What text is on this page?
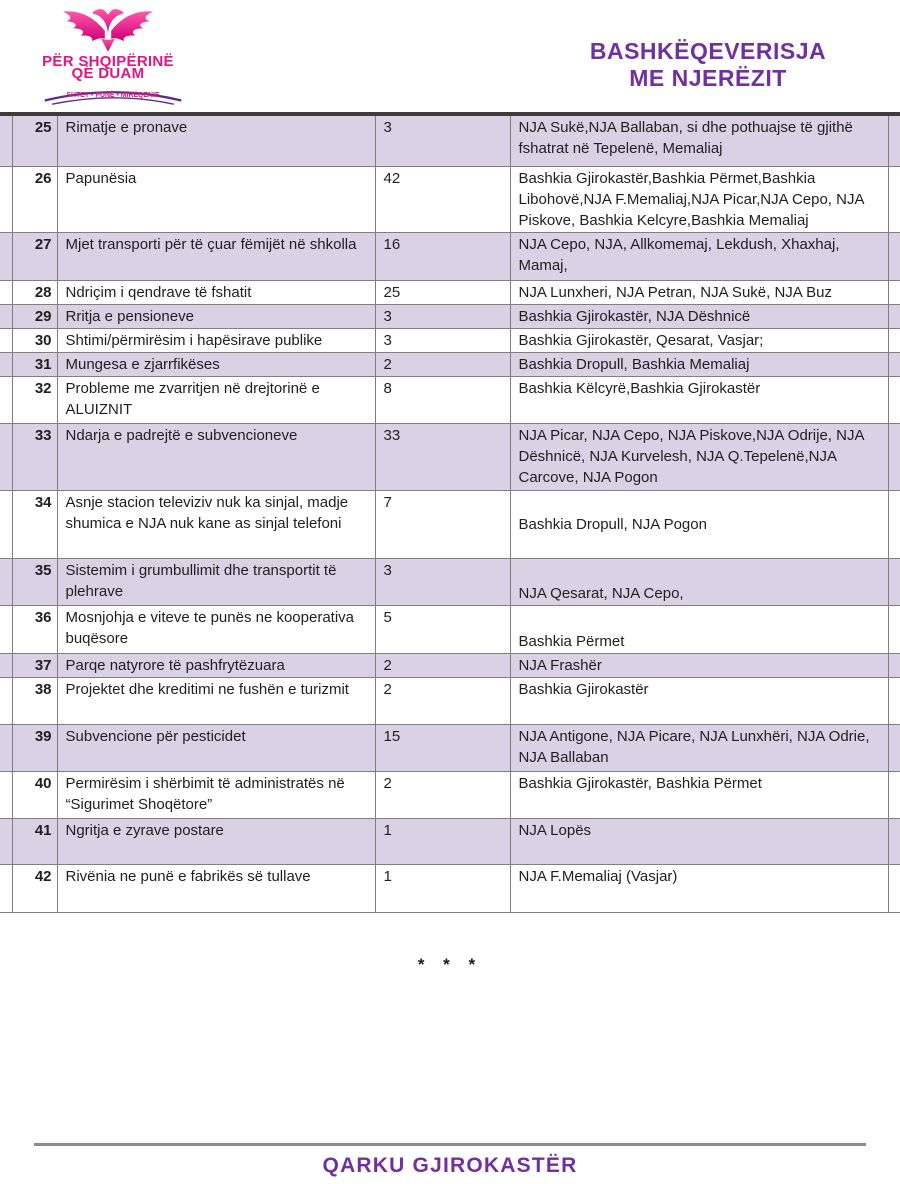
PËR SHQIPËRINË
QË DUAM
SHTET • PUNË • MIRËQENIE
BASHKËQEVERISJA
ME NJERËZIT
	25	Rimatje e pronave	3	NJA Sukë,NJA Ballaban, si dhe pothuajse të gjithë fshatrat në Tepelenë, Memaliaj	
	26	Papunësia	42	Bashkia Gjirokastër,Bashkia Përmet,Bashkia Libohovë,NJA F.Memaliaj,NJA Picar,NJA Cepo, NJA Piskove, Bashkia Kelcyre,Bashkia Memaliaj	
	27	Mjet transporti për të çuar fëmijët në shkolla	16	NJA Cepo, NJA, Allkomemaj, Lekdush, Xhaxhaj, Mamaj,	
	28	Ndriçim i qendrave të fshatit	25	NJA Lunxheri, NJA Petran, NJA Sukë, NJA Buz	
	29	Rritja e pensioneve	3	Bashkia Gjirokastër, NJA Dëshnicë	
	30	Shtimi/përmirësim i hapësirave publike	3	Bashkia Gjirokastër, Qesarat, Vasjar;	
	31	Mungesa e zjarrfikëses	2	Bashkia Dropull, Bashkia Memaliaj	
	32	Probleme me zvarritjen në drejtorinë e ALUIZNIT	8	Bashkia Këlcyrë,Bashkia Gjirokastër	
	33	Ndarja e padrejtë e subvencioneve	33	NJA Picar, NJA Cepo, NJA Piskove,NJA Odrije, NJA Dëshnicë, NJA Kurvelesh, NJA Q.Tepelenë,NJA Carcove, NJA Pogon	
	34	Asnje stacion televiziv nuk ka sinjal, madje shumica e NJA nuk kane as sinjal telefoni	7	Bashkia Dropull, NJA Pogon	
	35	Sistemim i grumbullimit dhe transportit të plehrave	3	NJA Qesarat, NJA Cepo,	
	36	Mosnjohja e viteve te punës ne kooperativa buqësore	5	Bashkia Përmet	
	37	Parqe natyrore të pashfrytëzuara	2	NJA Frashër	
	38	Projektet dhe kreditimi ne fushën e turizmit	2	Bashkia Gjirokastër	
	39	Subvencione për pesticidet	15	NJA Antigone, NJA Picare, NJA Lunxhëri, NJA Odrie, NJA Ballaban	
	40	Permirësim i shërbimit të administratës në “Sigurimet Shoqëtore”	2	Bashkia Gjirokastër, Bashkia Përmet	
	41	Ngritja e zyrave postare	1	NJA Lopës	
	42	Rivënia ne punë e fabrikës së tullave	1	NJA F.Memaliaj (Vasjar)	
* * *
QARKU GJIROKASTËR
